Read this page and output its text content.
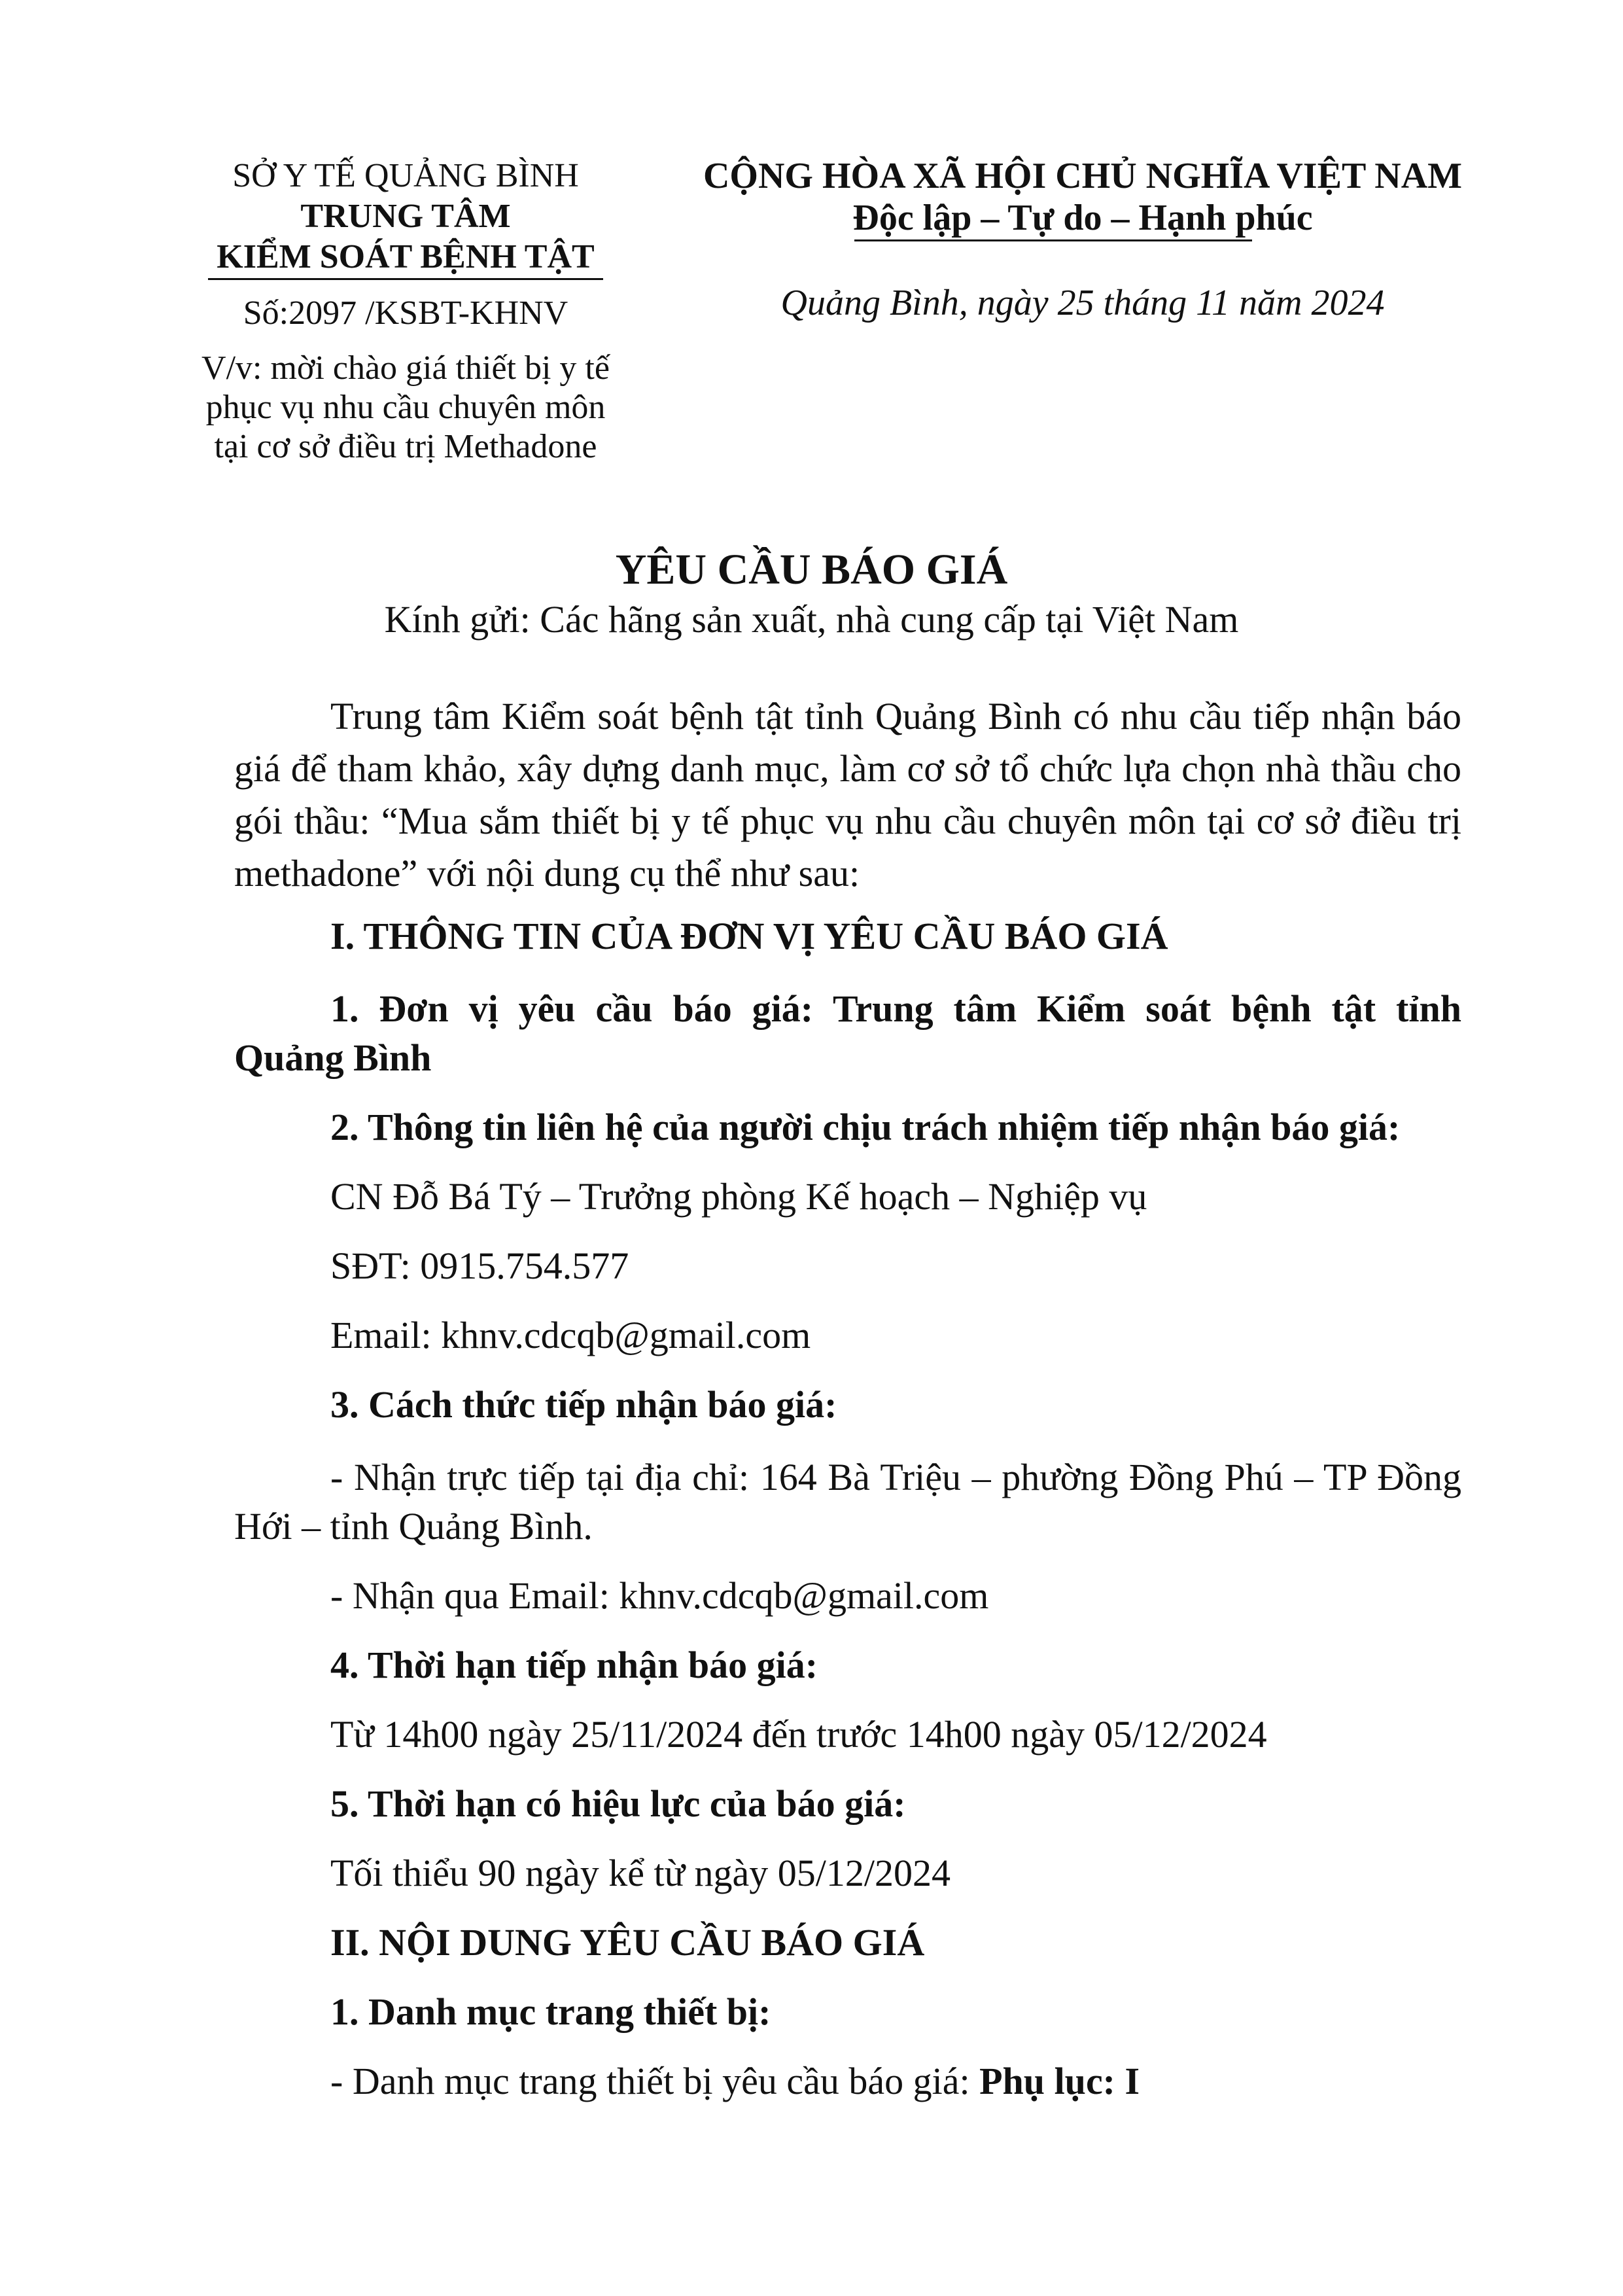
SỞ Y TẾ QUẢNG BÌNH
TRUNG TÂM
KIỂM SOÁT BỆNH TẬT
Số:2097 /KSBT-KHNV
V/v: mời chào giá thiết bị y tế
phục vụ nhu cầu chuyên môn
tại cơ sở điều trị Methadone
CỘNG HÒA XÃ HỘI CHỦ NGHĨA VIỆT NAM
Độc lập – Tự do – Hạnh phúc
Quảng Bình, ngày 25 tháng 11 năm 2024
YÊU CẦU BÁO GIÁ
Kính gửi: Các hãng sản xuất, nhà cung cấp tại Việt Nam
Trung tâm Kiểm soát bệnh tật tỉnh Quảng Bình có nhu cầu tiếp nhận báo
giá để tham khảo, xây dựng danh mục, làm cơ sở tổ chức lựa chọn nhà thầu cho
gói thầu: “Mua sắm thiết bị y tế phục vụ nhu cầu chuyên môn tại cơ sở điều trị
methadone” với nội dung cụ thể như sau:
I. THÔNG TIN CỦA ĐƠN VỊ YÊU CẦU BÁO GIÁ
1. Đơn vị yêu cầu báo giá: Trung tâm Kiểm soát bệnh tật tỉnh
Quảng Bình
2. Thông tin liên hệ của người chịu trách nhiệm tiếp nhận báo giá:
CN Đỗ Bá Tý – Trưởng phòng Kế hoạch – Nghiệp vụ
SĐT: 0915.754.577
Email: khnv.cdcqb@gmail.com
3. Cách thức tiếp nhận báo giá:
- Nhận trực tiếp tại địa chỉ: 164 Bà Triệu – phường Đồng Phú – TP Đồng
Hới – tỉnh Quảng Bình.
- Nhận qua Email: khnv.cdcqb@gmail.com
4. Thời hạn tiếp nhận báo giá:
Từ 14h00 ngày 25/11/2024 đến trước 14h00 ngày 05/12/2024
5. Thời hạn có hiệu lực của báo giá:
Tối thiểu 90 ngày kể từ ngày 05/12/2024
II. NỘI DUNG YÊU CẦU BÁO GIÁ
1. Danh mục trang thiết bị:
- Danh mục trang thiết bị yêu cầu báo giá: Phụ lục: I
